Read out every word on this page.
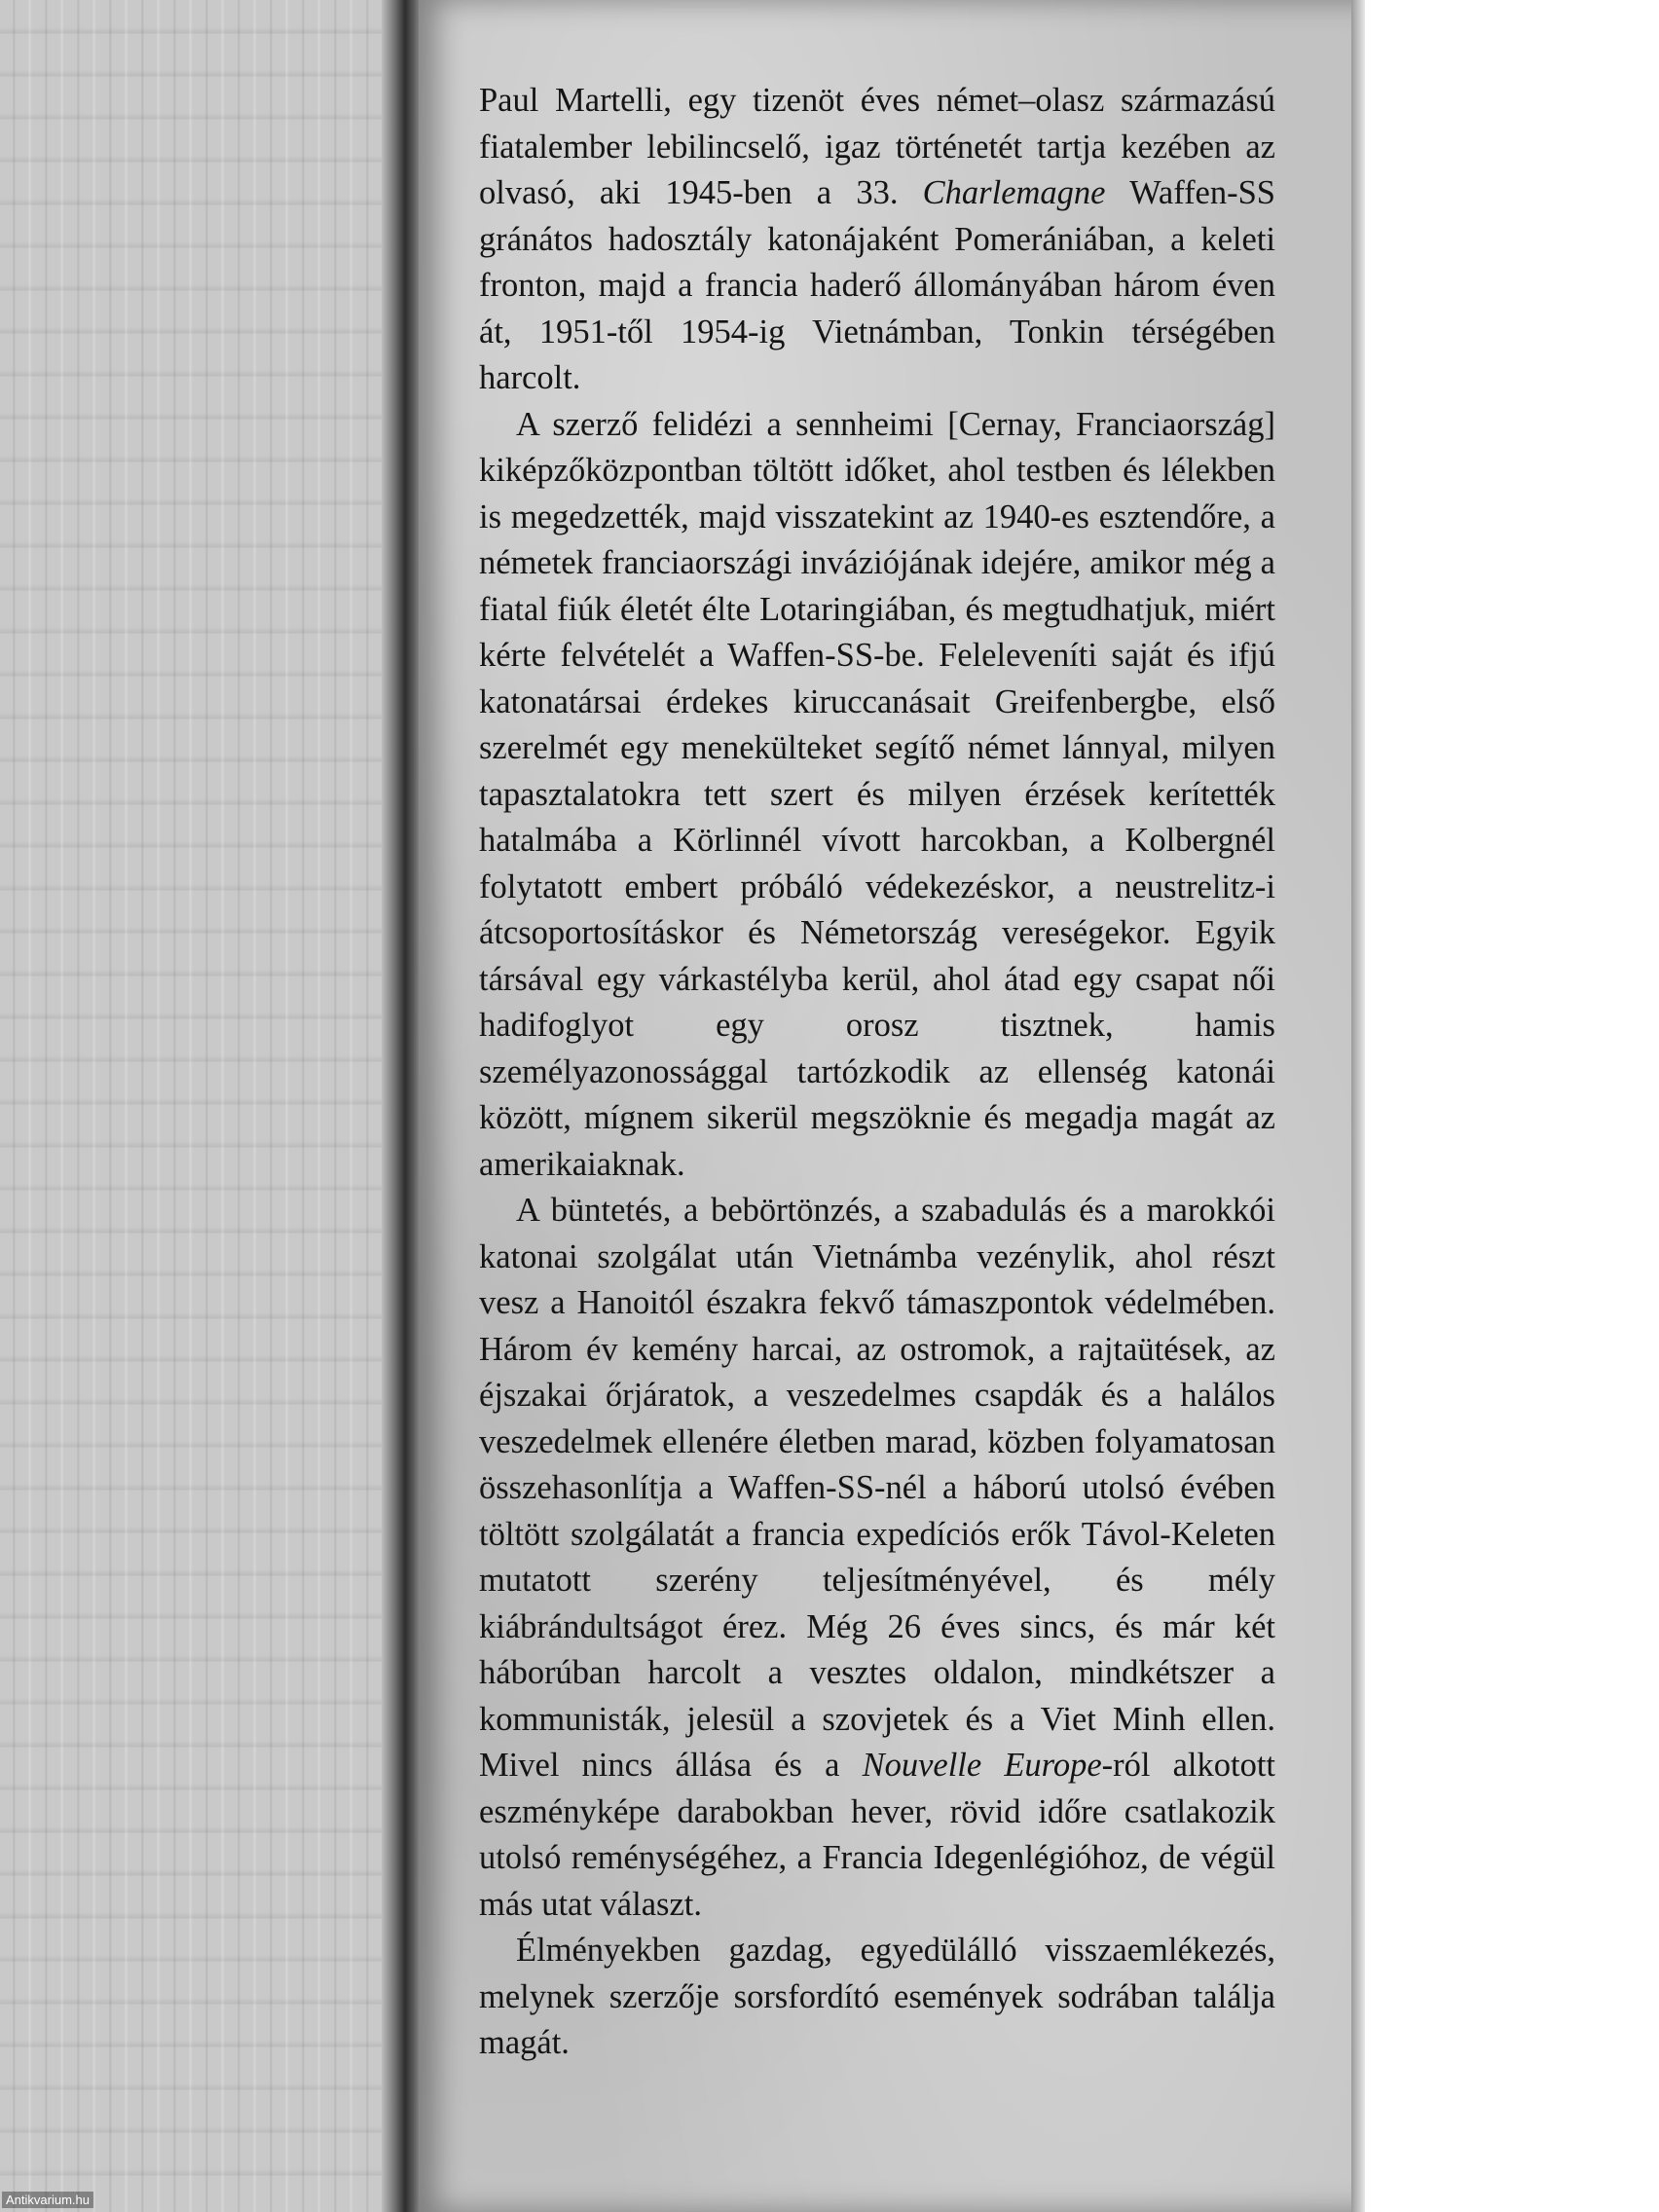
Paul Martelli, egy tizenöt éves német–olasz származású fiatalember lebilincselő, igaz történetét tartja kezében az olvasó, aki 1945-ben a 33. Charlemagne Waffen-SS gránátos hadosztály katonájaként Pomerániában, a keleti fronton, majd a francia haderő állományában három éven át, 1951-től 1954-ig Vietnámban, Tonkin térségében harcolt.

A szerző felidézi a sennheimi [Cernay, Franciaország] kiképzőközpontban töltött időket, ahol testben és lélekben is megedzették, majd visszatekint az 1940-es esztendőre, a németek franciaországi inváziójának idejére, amikor még a fiatal fiúk életét élte Lotaringiában, és megtudhatjuk, miért kérte felvételét a Waffen-SS-be. Feleleveníti saját és ifjú katonatársai érdekes kiruccanásait Greifenbergbe, első szerelmét egy menekülteket segítő német lánnyal, milyen tapasztalatokra tett szert és milyen érzések kerítették hatalmába a Körlinnél vívott harcokban, a Kolbergnél folytatott embert próbáló védekezéskor, a neustrelitz-i átcsoportosításkor és Németország vereségekor. Egyik társával egy várkastélyba kerül, ahol átad egy csapat női hadifoglyot egy orosz tisztnek, hamis személyazonossággal tartózkodik az ellenség katonái között, mígnem sikerül megszöknie és megadja magát az amerikaiaknak.

A büntetés, a bebörtönzés, a szabadulás és a marokkói katonai szolgálat után Vietnámba vezénylik, ahol részt vesz a Hanoitól északra fekvő támaszpontok védelmében. Három év kemény harcai, az ostromok, a rajtaütések, az éjszakai őrjáratok, a veszedelmes csapdák és a halálos veszedelmek ellenére életben marad, közben folyamatosan összehasonlítja a Waffen-SS-nél a háború utolsó évében töltött szolgálatát a francia expedíciós erők Távol-Keleten mutatott szerény teljesítményével, és mély kiábrándultságot érez. Még 26 éves sincs, és már két háborúban harcolt a vesztes oldalon, mindkétszer a kommunisták, jelesül a szovjetek és a Viet Minh ellen. Mivel nincs állása és a Nouvelle Europe-ról alkotott eszményképe darabokban hever, rövid időre csatlakozik utolsó reménységéhez, a Francia Idegenlégióhoz, de végül más utat választ.

Élményekben gazdag, egyedülálló visszaemlékezés, melynek szerzője sorsfordító események sodrában találja magát.

Antikvarium.hu
